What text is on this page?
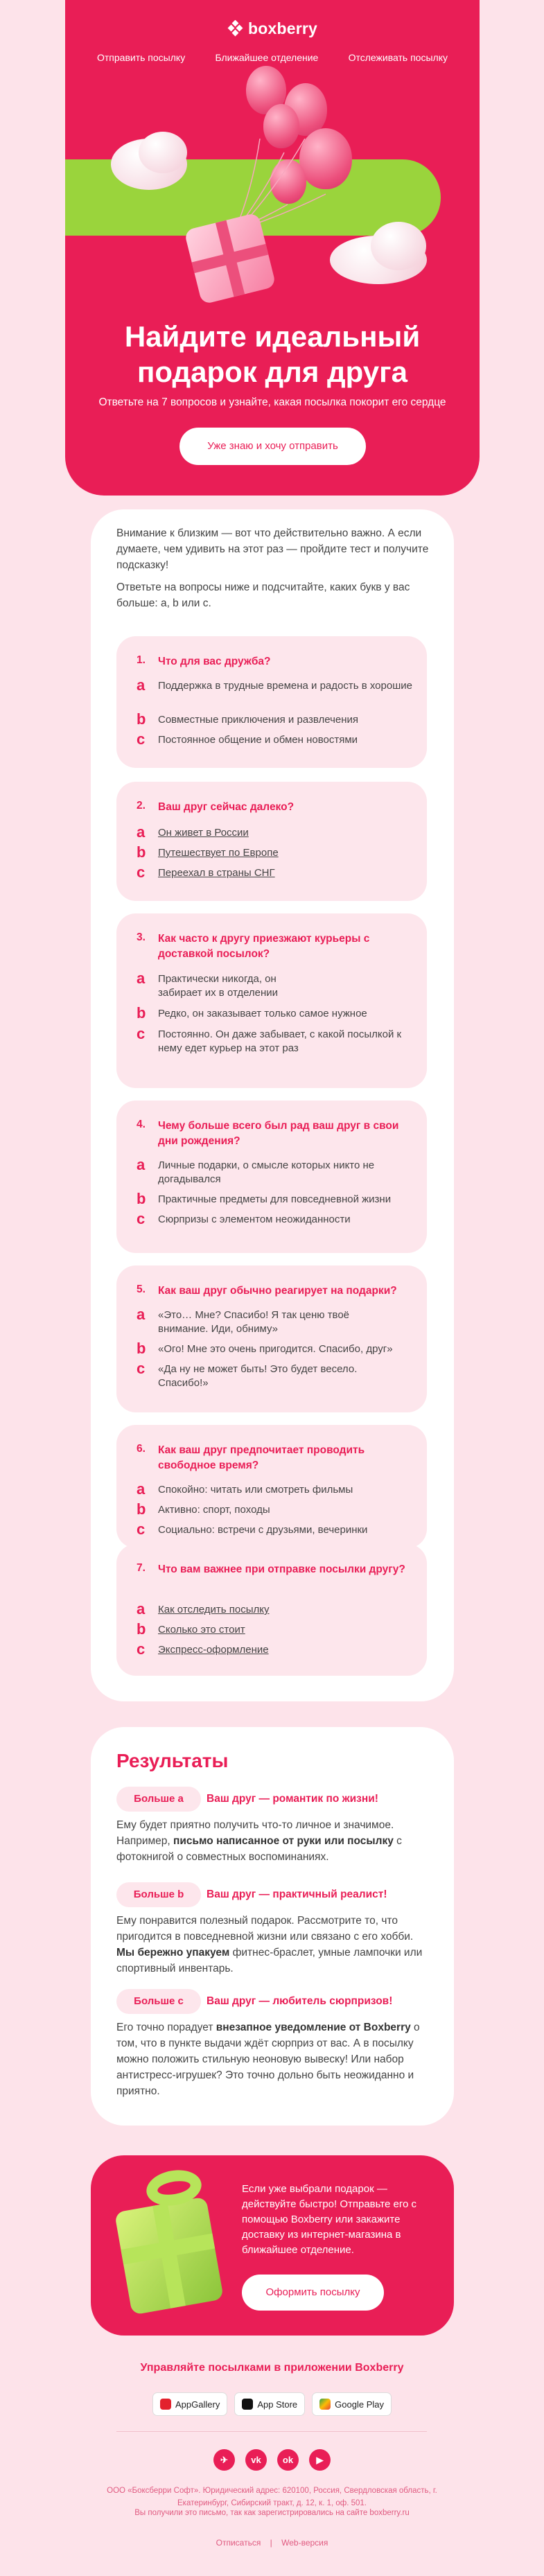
boxberry
Отправить посылку	Ближайшее отделение	Отслеживать посылку
Найдите идеальный
подарок для друга
Ответьте на 7 вопросов и узнайте, какая посылка покорит его сердце
Уже знаю и хочу отправить
Внимание к близким — вот что действительно важно. А если думаете, чем удивить на этот раз — пройдите тест и получите подсказку!
Ответьте на вопросы ниже и подсчитайте, каких букв у вас больше: а, b или c.
1. Что для вас дружба?
a Поддержка в трудные времена и радость в хорошие
b Совместные приключения и развлечения
c Постоянное общение и обмен новостями
2. Ваш друг сейчас далеко?
a Он живет в России
b Путешествует по Европе
c Переехал в страны СНГ
3. Как часто к другу приезжают курьеры с доставкой посылок?
a Практически никогда, он забирает их в отделении
b Редко, он заказывает только самое нужное
c Постоянно. Он даже забывает, с какой посылкой к нему едет курьер на этот раз
4. Чему больше всего был рад ваш друг в свои дни рождения?
a Личные подарки, о смысле которых никто не догадывался
b Практичные предметы для повседневной жизни
c Сюрпризы с элементом неожиданности
5. Как ваш друг обычно реагирует на подарки?
a «Это… Мне? Спасибо! Я так ценю твоё внимание. Иди, обниму»
b «Ого! Мне это очень пригодится. Спасибо, друг»
c «Да ну не может быть! Это будет весело. Спасибо!»
6. Как ваш друг предпочитает проводить свободное время?
a Спокойно: читать или смотреть фильмы
b Активно: спорт, походы
c Социально: встречи с друзьями, вечеринки
7. Что вам важнее при отправке посылки другу?
a Как отследить посылку
b Сколько это стоит
c Экспресс-оформление
Результаты
Больше a	Ваш друг — романтик по жизни!
Ему будет приятно получить что-то личное и значимое. Например, письмо написанное от руки или посылку с фотокнигой о совместных воспоминаниях.
Больше b	Ваш друг — практичный реалист!
Ему понравится полезный подарок. Рассмотрите то, что пригодится в повседневной жизни или связано с его хобби. Мы бережно упакуем фитнес-браслет, умные лампочки или спортивный инвентарь.
Больше c	Ваш друг — любитель сюрпризов!
Его точно порадует внезапное уведомление от Boxberry о том, что в пункте выдачи ждёт сюрприз от вас. А в посылку можно положить стильную неоновую вывеску! Или набор антистресс-игрушек? Это точно дольно быть неожиданно и приятно.
Если уже выбрали подарок — действуйте быстро! Отправьте его с помощью Boxberry или закажите доставку из интернет-магазина в ближайшее отделение.
Оформить посылку
Управляйте посылками в приложении Boxberry
AppGallery	App Store	Google Play
✈	vk	ok	▶
ООО «Боксберри Софт». Юридический адрес: 620100, Россия, Свердловская область, г. Екатеринбург, Сибирский тракт, д. 12, к. 1, оф. 501.
Вы получили это письмо, так как зарегистрировались на сайте boxberry.ru
Отписаться | Web-версия
